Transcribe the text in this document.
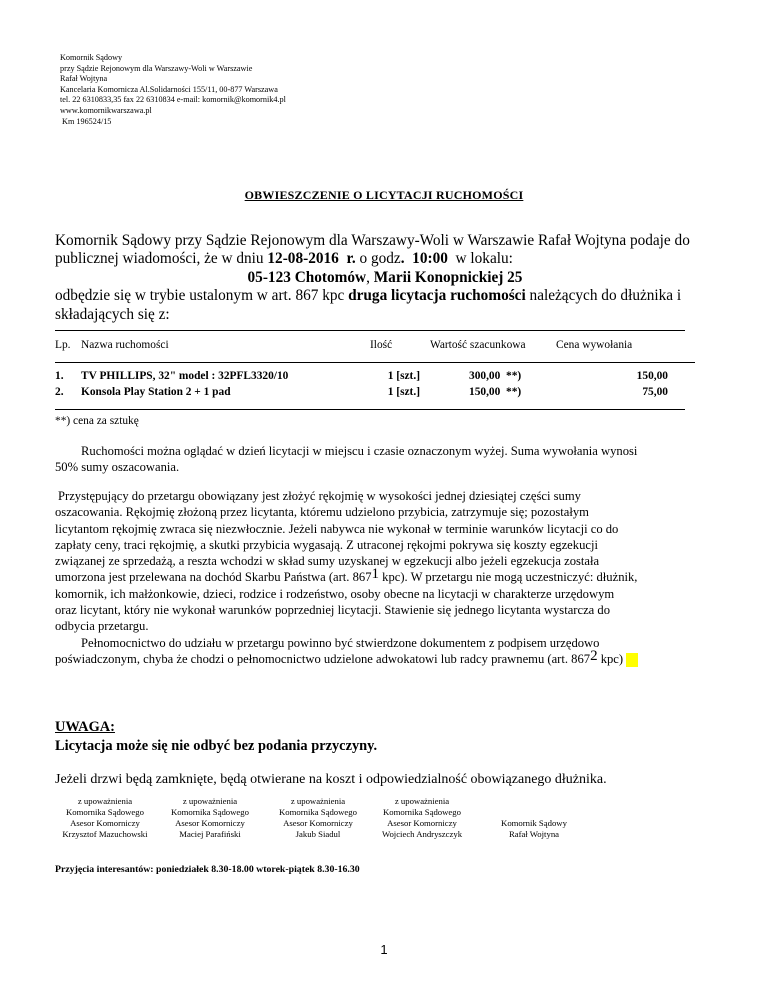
Komornik Sądowy
przy Sądzie Rejonowym dla Warszawy-Woli w Warszawie
Rafał Wojtyna
Kancelaria Komornicza Al.Solidarności 155/11, 00-877 Warszawa
tel. 22 6310833,35 fax 22 6310834 e-mail: komornik@komornik4.pl
www.komornikwarszawa.pl
Km 196524/15
OBWIESZCZENIE O LICYTACJI RUCHOMOŚCI
Komornik Sądowy przy Sądzie Rejonowym dla Warszawy-Woli w Warszawie Rafał Wojtyna podaje do
publicznej wiadomości, że w dniu 12-08-2016  r. o godz.  10:00  w lokalu:
05-123 Chotomów, Marii Konopnickiej 25
odbędzie się w trybie ustalonym w art. 867 kpc druga licytacja ruchomości należących do dłużnika i
składających się z:
Lp. Nazwa ruchomości	Ilość	Wartość szacunkowa	Cena wywołania
1. TV PHILLIPS, 32" model : 32PFL3320/10	1 [szt.]	300,00  **)	150,00
2. Konsola Play Station 2 + 1 pad	1 [szt.]	150,00  **)	75,00
**) cena za sztukę
Ruchomości można oglądać w dzień licytacji w miejscu i czasie oznaczonym wyżej. Suma wywołania wynosi
50% sumy oszacowania.
Przystępujący do przetargu obowiązany jest złożyć rękojmię w wysokości jednej dziesiątej części sumy
oszacowania. Rękojmię złożoną przez licytanta, któremu udzielono przybicia, zatrzymuje się; pozostałym
licytantom rękojmię zwraca się niezwłocznie. Jeżeli nabywca nie wykonał w terminie warunków licytacji co do
zapłaty ceny, traci rękojmię, a skutki przybicia wygasają. Z utraconej rękojmi pokrywa się koszty egzekucji
związanej ze sprzedażą, a reszta wchodzi w skład sumy uzyskanej w egzekucji albo jeżeli egzekucja została
umorzona jest przelewana na dochód Skarbu Państwa (art. 8671 kpc). W przetargu nie mogą uczestniczyć: dłużnik,
komornik, ich małżonkowie, dzieci, rodzice i rodzeństwo, osoby obecne na licytacji w charakterze urzędowym
oraz licytant, który nie wykonał warunków poprzedniej licytacji. Stawienie się jednego licytanta wystarcza do
odbycia przetargu.
Pełnomocnictwo do udziału w przetargu powinno być stwierdzone dokumentem z podpisem urzędowo
poświadczonym, chyba że chodzi o pełnomocnictwo udzielone adwokatowi lub radcy prawnemu (art. 8672 kpc)
UWAGA:
Licytacja może się nie odbyć bez podania przyczyny.
Jeżeli drzwi będą zamknięte, będą otwierane na koszt i odpowiedzialność obowiązanego dłużnika.
z upoważnienia
Komornika Sądowego
Asesor Komorniczy
Krzysztof Mazuchowski
z upoważnienia
Komornika Sądowego
Asesor Komorniczy
Maciej Parafiński
z upoważnienia
Komornika Sądowego
Asesor Komorniczy
Jakub Siadul
z upoważnienia
Komornika Sądowego
Asesor Komorniczy
Wojciech Andryszczyk
Komornik Sądowy
Rafał Wojtyna
Przyjęcia interesantów: poniedziałek 8.30-18.00 wtorek-piątek 8.30-16.30
1
